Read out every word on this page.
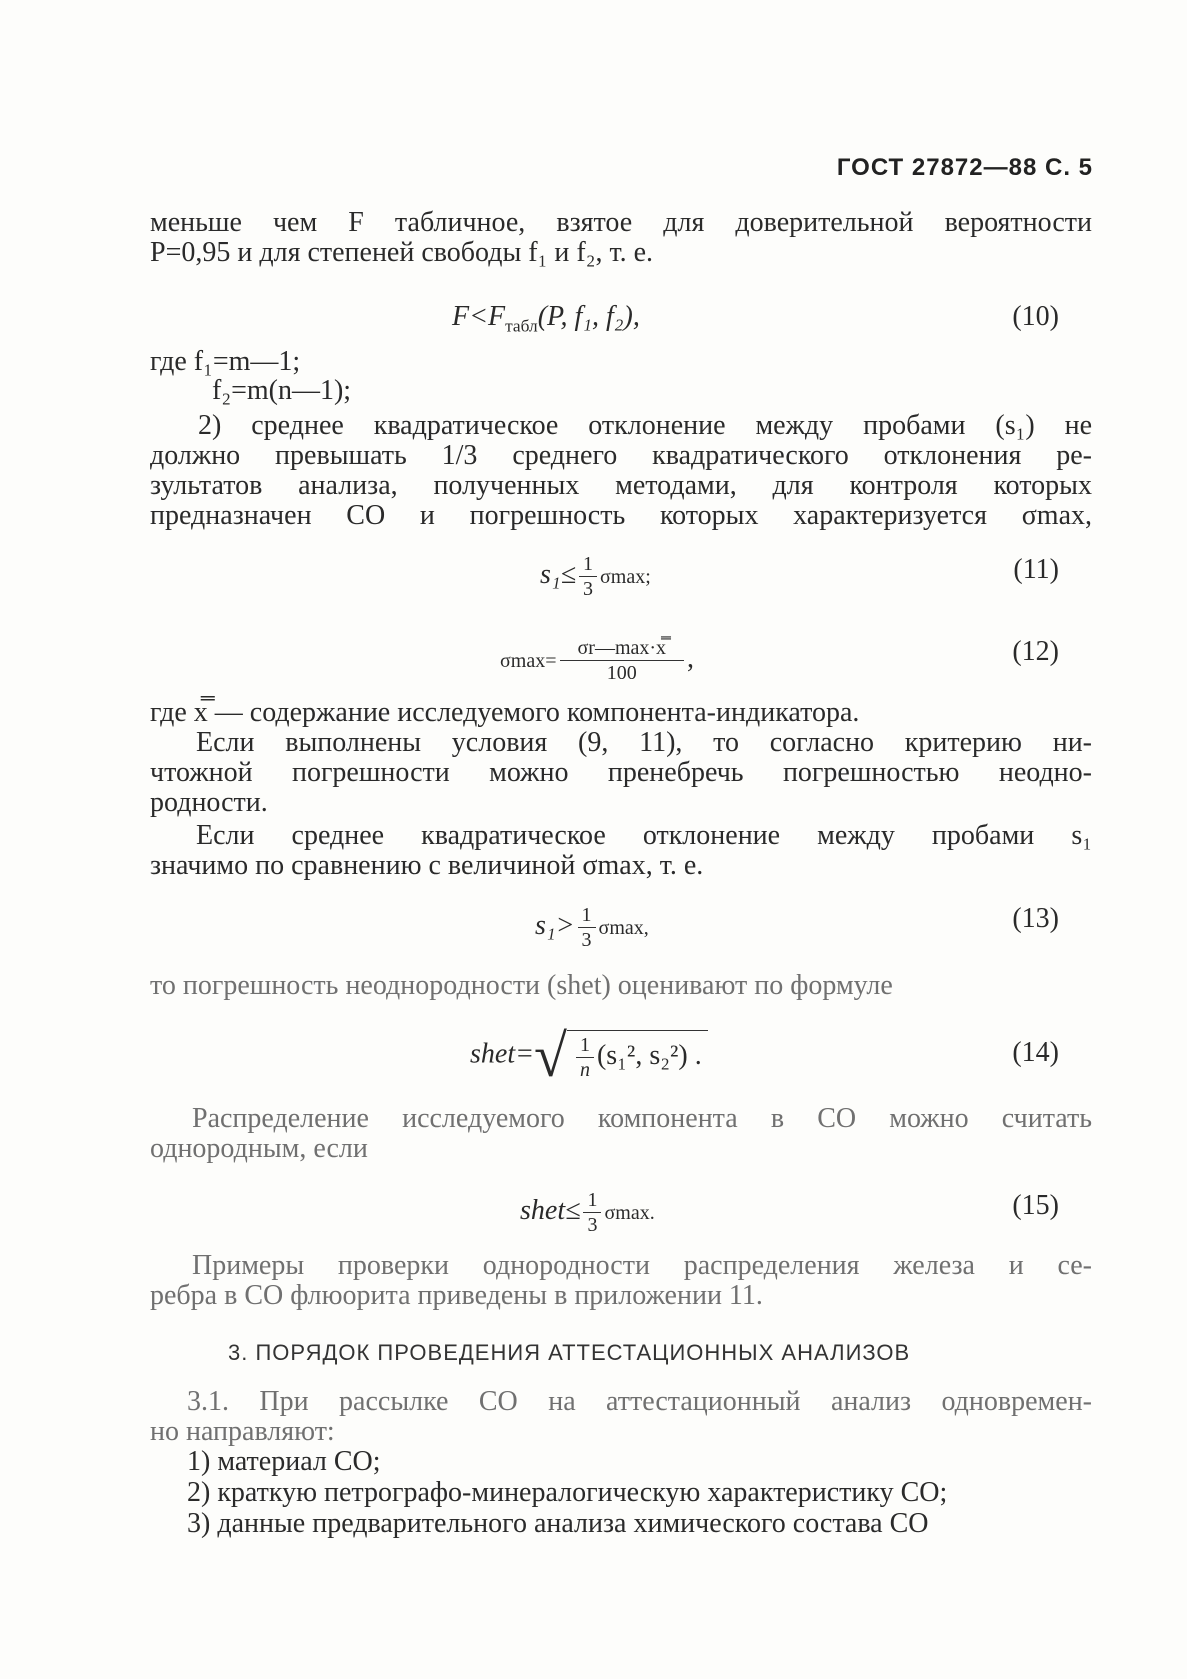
ГОСТ 27872—88 С. 5
меньше чем F табличное, взятое для доверительной вероятности
P=0,95 и для степеней свободы f₁ и f₂, т. е.
$F<F_{табл}(P$, f₁, f₂),	(10)
где f₁=m—1;
f₂=m(n—1);
2) среднее квадратическое отклонение между пробами (s₁) не
должно превышать 1/3 среднего квадратического отклонения ре-
зультатов анализа, полученных методами, для контроля которых
предназначен СО и погрешность которых характеризуется σmax,
$s_1\le \frac{1}{3} \sigma\max$;	(11)
$\sigma\max= \frac{\sigma r—\max\cdot x̿}{100}$ ,	(12)
где x̿ — содержание исследуемого компонента-индикатора.
Если выполнены условия (9, 11), то согласно критерию ни-
чтожной погрешности можно пренебречь погрешностью неодно-
родности.
Если среднее квадратическое отклонение между пробами s₁
значимо по сравнению с величиной σmax, т. е.
$s_1> \frac{1}{3} \sigma\max$,	(13)
то погрешность неоднородности (shet) оценивают по формуле
shet=√ $\frac{1}{n} (s_1^2$, s₂²) .	(14)
Распределение исследуемого компонента в СО можно считать
однородным, если
shet≤ $\frac{1}{3} \sigma\max$.	(15)
Примеры проверки однородности распределения железа и се-
ребра в СО флюорита приведены в приложении 11.
3. ПОРЯДОК ПРОВЕДЕНИЯ АТТЕСТАЦИОННЫХ АНАЛИЗОВ
3.1. При рассылке СО на аттестационный анализ одновремен-
но направляют:
1) материал СО;
2) краткую петрографо-минералогическую характеристику СО;
3) данные предварительного анализа химического состава СО
